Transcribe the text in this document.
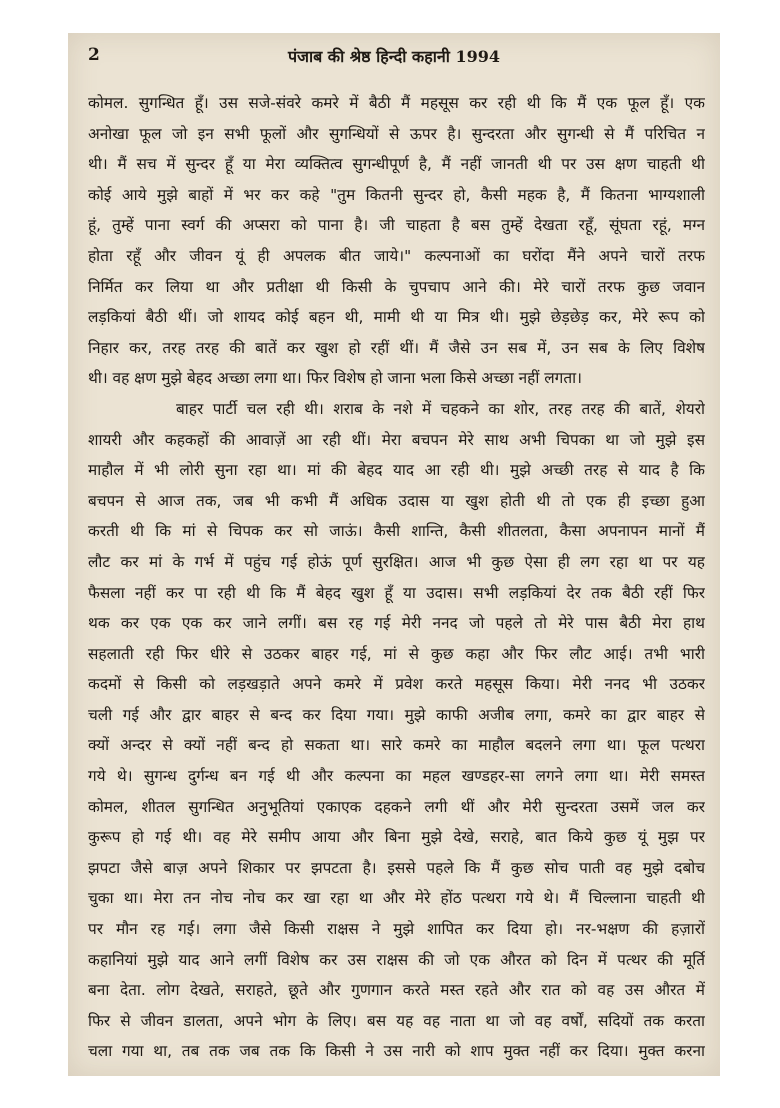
2	पंजाब की श्रेष्ठ हिन्दी कहानी 1994
कोमल. सुगन्धित हूँ। उस सजे-संवरे कमरे में बैठी मैं महसूस कर रही थी कि मैं एक फूल हूँ। एक
अनोखा फूल जो इन सभी फूलों और सुगन्धियों से ऊपर है। सुन्दरता और सुगन्धी से मैं परिचित न
थी। मैं सच में सुन्दर हूँ या मेरा व्यक्तित्व सुगन्धीपूर्ण है, मैं नहीं जानती थी पर उस क्षण चाहती थी
कोई आये मुझे बाहों में भर कर कहे "तुम कितनी सुन्दर हो, कैसी महक है, मैं कितना भाग्यशाली
हूं, तुम्हें पाना स्वर्ग की अप्सरा को पाना है। जी चाहता है बस तुम्हें देखता रहूँ, सूंघता रहूं, मग्न
होता रहूँ और जीवन यूं ही अपलक बीत जाये।" कल्पनाओं का घरोंदा मैंने अपने चारों तरफ
निर्मित कर लिया था और प्रतीक्षा थी किसी के चुपचाप आने की। मेरे चारों तरफ कुछ जवान
लड़कियां बैठी थीं। जो शायद कोई बहन थी, मामी थी या मित्र थी। मुझे छेड़छेड़ कर, मेरे रूप को
निहार कर, तरह तरह की बातें कर खुश हो रहीं थीं। मैं जैसे उन सब में, उन सब के लिए विशेष
थी। वह क्षण मुझे बेहद अच्छा लगा था। फिर विशेष हो जाना भला किसे अच्छा नहीं लगता।
बाहर पार्टी चल रही थी। शराब के नशे में चहकने का शोर, तरह तरह की बातें, शेयरो
शायरी और कहकहों की आवाज़ें आ रही थीं। मेरा बचपन मेरे साथ अभी चिपका था जो मुझे इस
माहौल में भी लोरी सुना रहा था। मां की बेहद याद आ रही थी। मुझे अच्छी तरह से याद है कि
बचपन से आज तक, जब भी कभी मैं अधिक उदास या खुश होती थी तो एक ही इच्छा हुआ
करती थी कि मां से चिपक कर सो जाऊं। कैसी शान्ति, कैसी शीतलता, कैसा अपनापन मानों मैं
लौट कर मां के गर्भ में पहुंच गई होऊं पूर्ण सुरक्षित। आज भी कुछ ऐसा ही लग रहा था पर यह
फैसला नहीं कर पा रही थी कि मैं बेहद खुश हूँ या उदास। सभी लड़कियां देर तक बैठी रहीं फिर
थक कर एक एक कर जाने लगीं। बस रह गई मेरी ननद जो पहले तो मेरे पास बैठी मेरा हाथ
सहलाती रही फिर धीरे से उठकर बाहर गई, मां से कुछ कहा और फिर लौट आई। तभी भारी
कदमों से किसी को लड़खड़ाते अपने कमरे में प्रवेश करते महसूस किया। मेरी ननद भी उठकर
चली गई और द्वार बाहर से बन्द कर दिया गया। मुझे काफी अजीब लगा, कमरे का द्वार बाहर से
क्यों अन्दर से क्यों नहीं बन्द हो सकता था। सारे कमरे का माहौल बदलने लगा था। फूल पत्थरा
गये थे। सुगन्ध दुर्गन्ध बन गई थी और कल्पना का महल खण्डहर-सा लगने लगा था। मेरी समस्त
कोमल, शीतल सुगन्धित अनुभूतियां एकाएक दहकने लगी थीं और मेरी सुन्दरता उसमें जल कर
कुरूप हो गई थी। वह मेरे समीप आया और बिना मुझे देखे, सराहे, बात किये कुछ यूं मुझ पर
झपटा जैसे बाज़ अपने शिकार पर झपटता है। इससे पहले कि मैं कुछ सोच पाती वह मुझे दबोच
चुका था। मेरा तन नोच नोच कर खा रहा था और मेरे होंठ पत्थरा गये थे। मैं चिल्लाना चाहती थी
पर मौन रह गई। लगा जैसे किसी राक्षस ने मुझे शापित कर दिया हो। नर-भक्षण की हज़ारों
कहानियां मुझे याद आने लगीं विशेष कर उस राक्षस की जो एक औरत को दिन में पत्थर की मूर्ति
बना देता. लोग देखते, सराहते, छूते और गुणगान करते मस्त रहते और रात को वह उस औरत में
फिर से जीवन डालता, अपने भोग के लिए। बस यह वह नाता था जो वह वर्षों, सदियों तक करता
चला गया था, तब तक जब तक कि किसी ने उस नारी को शाप मुक्त नहीं कर दिया। मुक्त करना
